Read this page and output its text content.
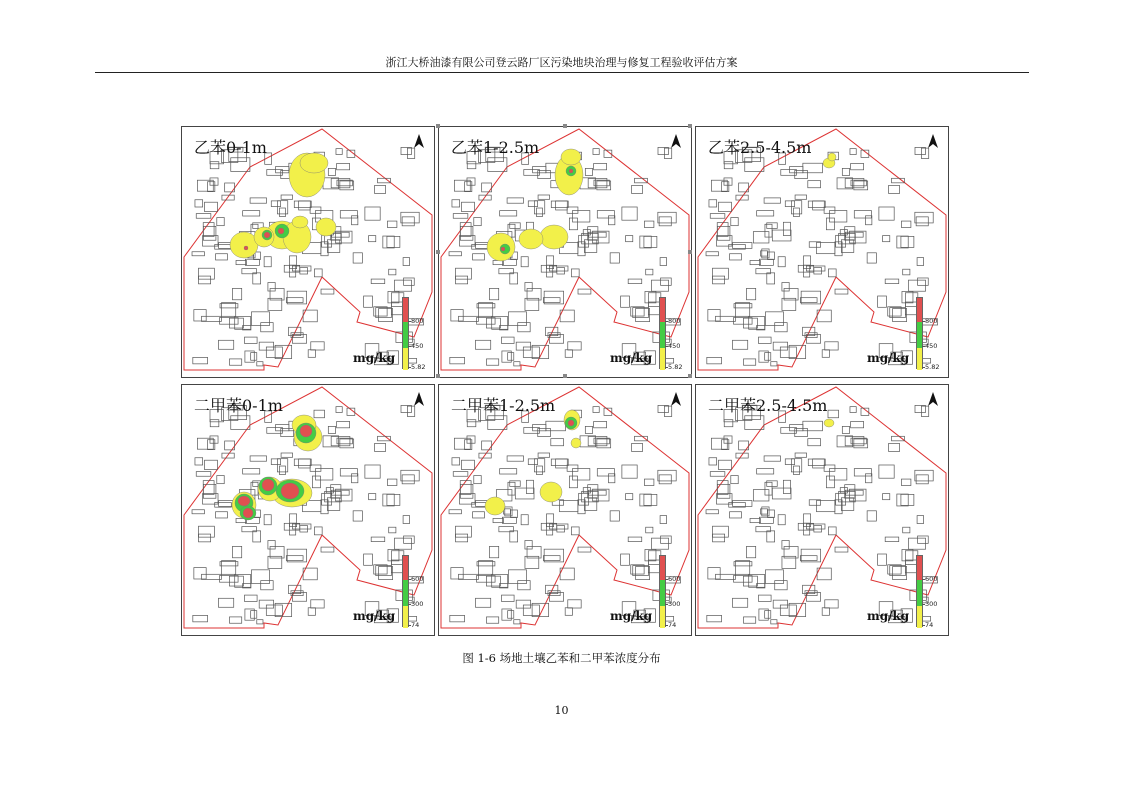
浙江大桥油漆有限公司登云路厂区污染地块治理与修复工程验收评估方案
乙苯0-1m
800
450
5.82
mg/kg
乙苯1-2.5m
800
450
5.82
mg/kg
乙苯2.5-4.5m
800
450
5.82
mg/kg
二甲苯0-1m
600
300
74
mg/kg
二甲苯1-2.5m
600
300
74
mg/kg
二甲苯2.5-4.5m
600
300
74
mg/kg
图 1-6 场地土壤乙苯和二甲苯浓度分布
10
